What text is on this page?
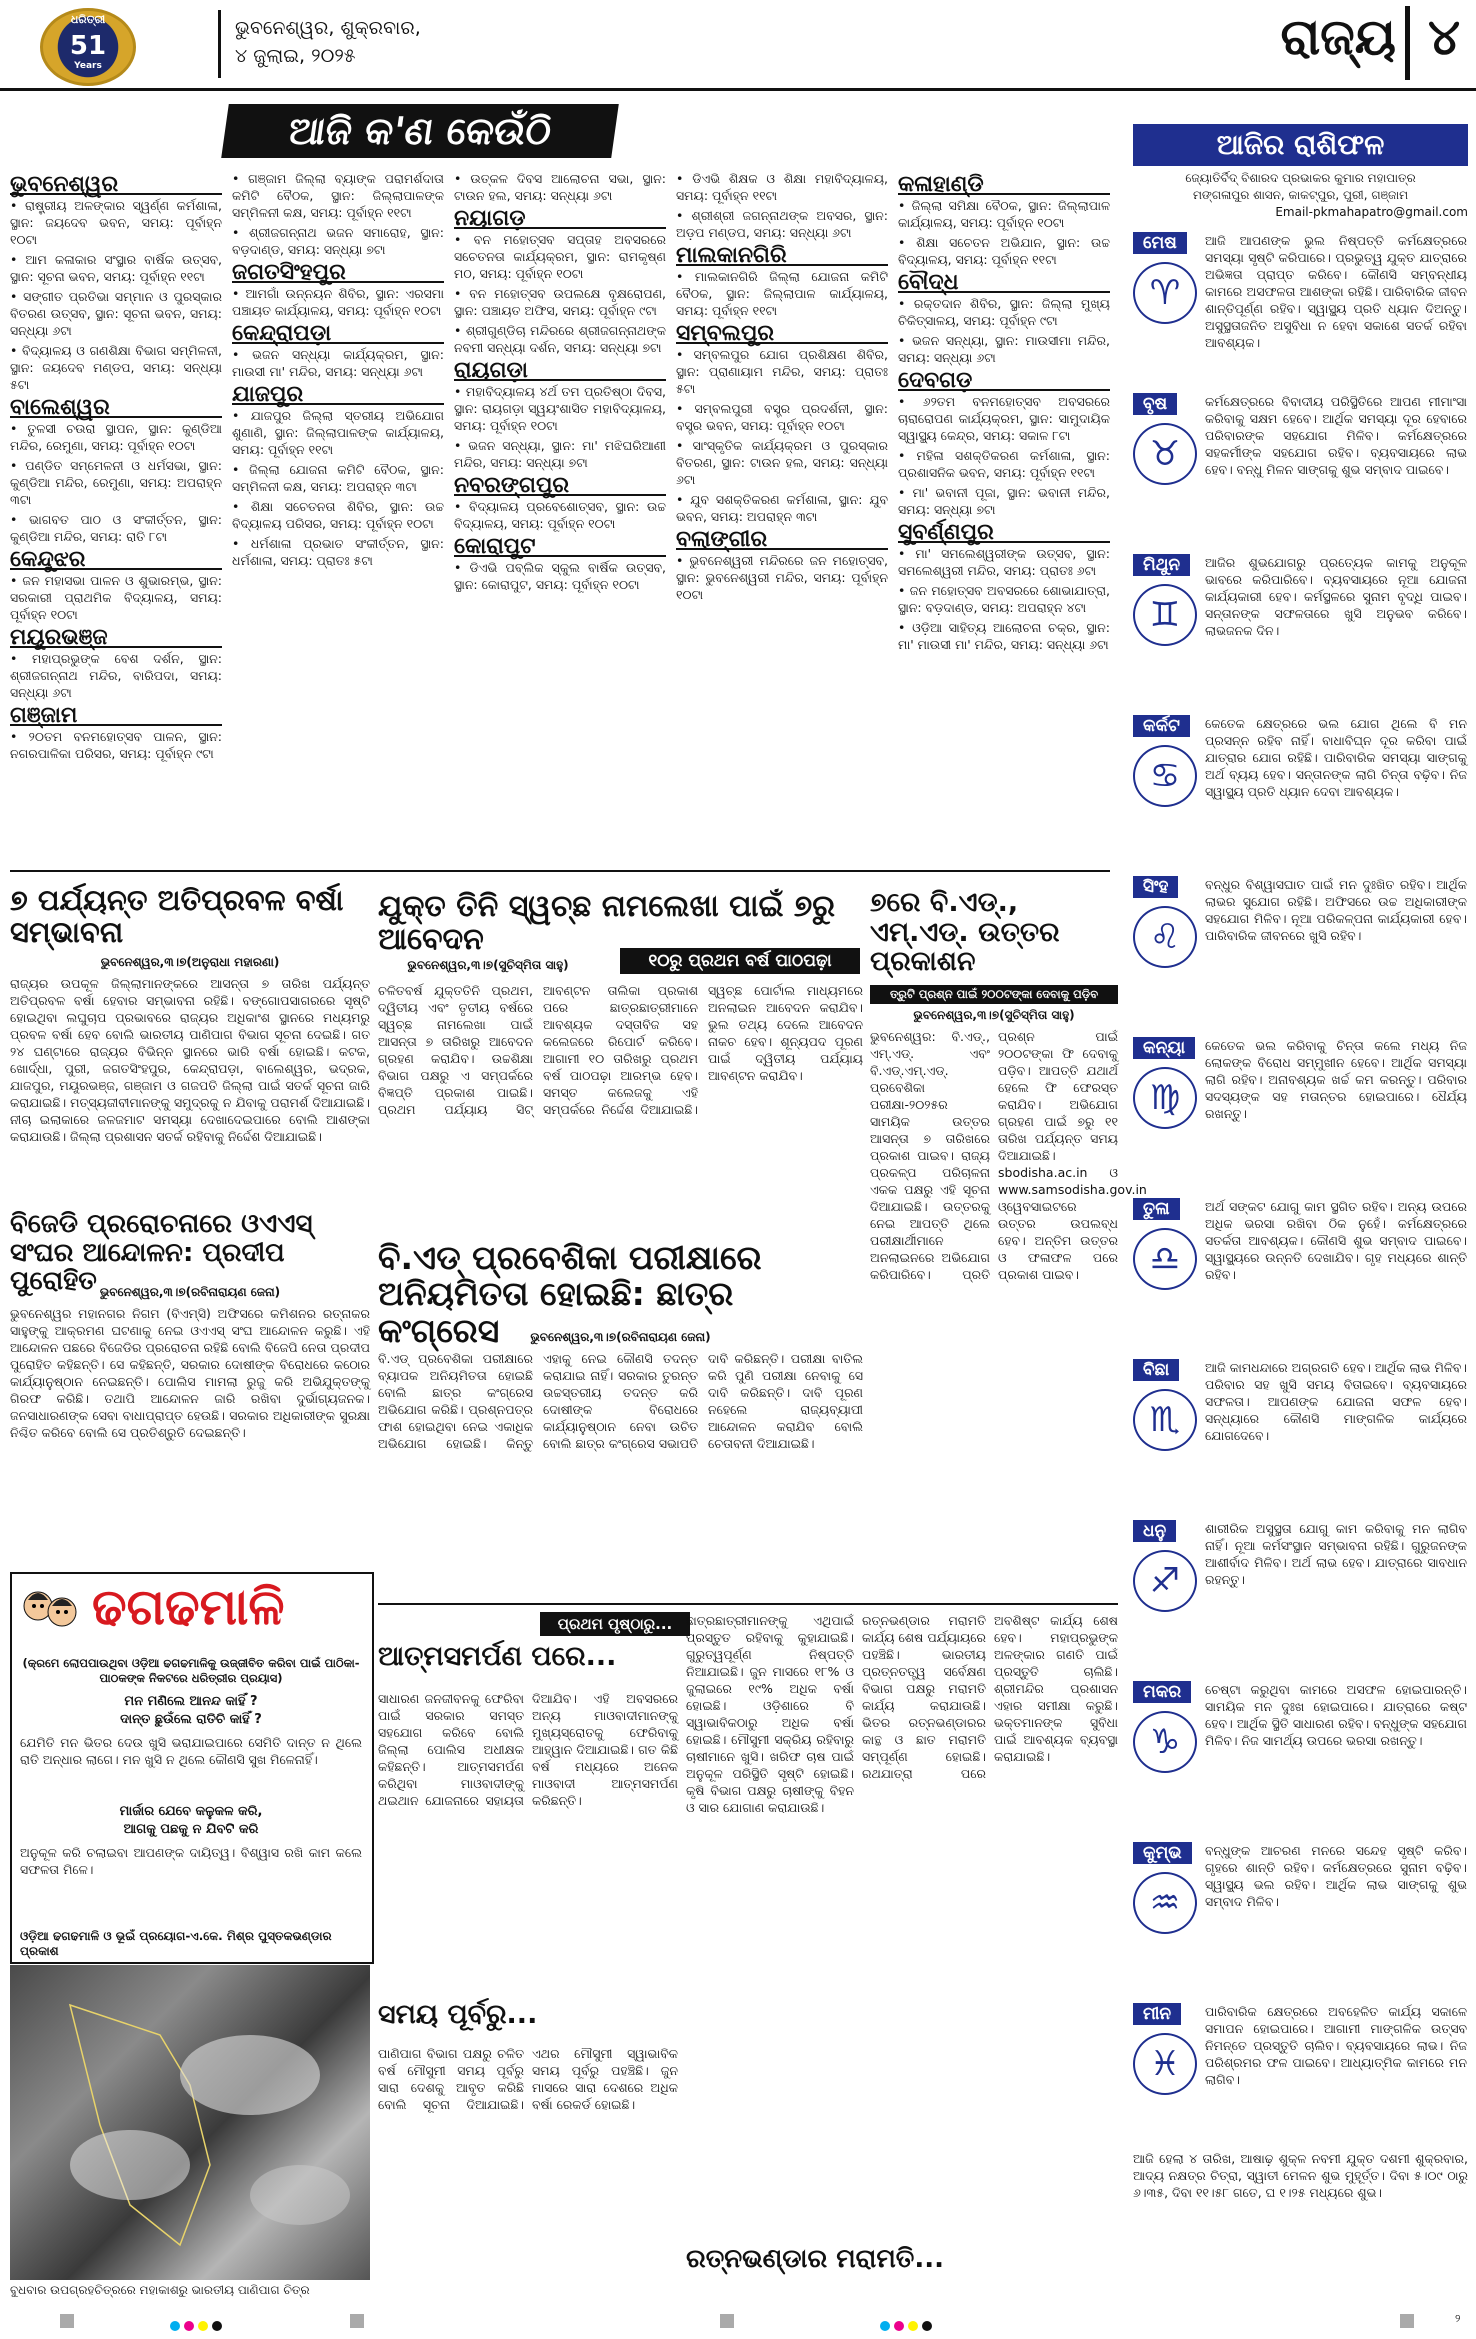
ଧରିତ୍ରୀ
51
Years
ଭୁବନେଶ୍ୱର, ଶୁକ୍ରବାର,
୪ ଜୁଲାଇ, ୨୦୨୫	ରାଜ୍ୟ ୪
ଆଜି କ'ଣ କେଉଁଠି
ଭୁବନେଶ୍ୱର

• ରାଷ୍ଟ୍ରୀୟ ଅଳଙ୍କାର ସ୍ୱର୍ଣ୍ଣ କର୍ମଶାଳା, ସ୍ଥାନ: ଜୟଦେବ ଭବନ, ସମୟ: ପୂର୍ବାହ୍ନ ୧୦ଟା

• ଆମ କଳାକାର ସଂସ୍ଥାର ବାର୍ଷିକ ଉତ୍ସବ, ସ୍ଥାନ: ସୂଚନା ଭବନ, ସମୟ: ପୂର୍ବାହ୍ନ ୧୧ଟା

• ସଙ୍ଗୀତ ପ୍ରତିଭା ସମ୍ମାନ ଓ ପୁରସ୍କାର ବିତରଣ ଉତ୍ସବ, ସ୍ଥାନ: ସୂଚନା ଭବନ, ସମୟ: ସନ୍ଧ୍ୟା ୬ଟା

• ବିଦ୍ୟାଳୟ ଓ ଗଣଶିକ୍ଷା ବିଭାଗ ସମ୍ମିଳନୀ, ସ୍ଥାନ: ଜୟଦେବ ମଣ୍ଡପ, ସମୟ: ସନ୍ଧ୍ୟା ୫ଟା

ବାଲେଶ୍ୱର

• ତୁଳସୀ ଚଉରା ସ୍ଥାପନ, ସ୍ଥାନ: କୁଣ୍ଡିଆ ମନ୍ଦିର, ରେମୁଣା, ସମୟ: ପୂର୍ବାହ୍ନ ୧୦ଟା

• ପଣ୍ଡିତ ସମ୍ମେଳନୀ ଓ ଧର୍ମସଭା, ସ୍ଥାନ: କୁଣ୍ଡିଆ ମନ୍ଦିର, ରେମୁଣା, ସମୟ: ଅପରାହ୍ନ ୩ଟା

• ଭାଗବତ ପାଠ ଓ ସଂକୀର୍ତ୍ତନ, ସ୍ଥାନ: କୁଣ୍ଡିଆ ମନ୍ଦିର, ସମୟ: ରାତି ୮ଟା

କେନ୍ଦୁଝର

• ଜନ ମହାସଭା ପାଳନ ଓ ଶୁଭାରମ୍ଭ, ସ୍ଥାନ: ସରକାରୀ ପ୍ରାଥମିକ ବିଦ୍ୟାଳୟ, ସମୟ: ପୂର୍ବାହ୍ନ ୧୦ଟା

ମୟୂରଭଞ୍ଜ

• ମହାପ୍ରଭୁଙ୍କ ବେଶ ଦର୍ଶନ, ସ୍ଥାନ: ଶ୍ରୀଜଗନ୍ନାଥ ମନ୍ଦିର, ବାରିପଦା, ସମୟ: ସନ୍ଧ୍ୟା ୬ଟା

ଗଞ୍ଜାମ

• ୨୦ତମ ବନମହୋତ୍ସବ ପାଳନ, ସ୍ଥାନ: ନଗରପାଳିକା ପରିସର, ସମୟ: ପୂର୍ବାହ୍ନ ୯ଟା

• ଗଞ୍ଜାମ ଜିଲ୍ଲା ବ୍ୟାଙ୍କ ପରାମର୍ଶଦାତା କମିଟି ବୈଠକ, ସ୍ଥାନ: ଜିଲ୍ଲାପାଳଙ୍କ ସମ୍ମିଳନୀ କକ୍ଷ, ସମୟ: ପୂର୍ବାହ୍ନ ୧୧ଟା

• ଶ୍ରୀଜଗନ୍ନାଥ ଭଜନ ସମାରୋହ, ସ୍ଥାନ: ବଡ଼ଦାଣ୍ଡ, ସମୟ: ସନ୍ଧ୍ୟା ୭ଟା

ଜଗତସିଂହପୁର

• ଆମଗାଁ ଉନ୍ନୟନ ଶିବିର, ସ୍ଥାନ: ଏରସମା ପଞ୍ଚାୟତ କାର୍ଯ୍ୟାଳୟ, ସମୟ: ପୂର୍ବାହ୍ନ ୧୦ଟା

କେନ୍ଦ୍ରାପଡ଼ା

• ଭଜନ ସନ୍ଧ୍ୟା କାର୍ଯ୍ୟକ୍ରମ, ସ୍ଥାନ: ମାଉସୀ ମା' ମନ୍ଦିର, ସମୟ: ସନ୍ଧ୍ୟା ୬ଟା

ଯାଜପୁର

• ଯାଜପୁର ଜିଲ୍ଲା ସ୍ତରୀୟ ଅଭିଯୋଗ ଶୁଣାଣି, ସ୍ଥାନ: ଜିଲ୍ଲାପାଳଙ୍କ କାର୍ଯ୍ୟାଳୟ, ସମୟ: ପୂର୍ବାହ୍ନ ୧୧ଟା

• ଜିଲ୍ଲା ଯୋଜନା କମିଟି ବୈଠକ, ସ୍ଥାନ: ସମ୍ମିଳନୀ କକ୍ଷ, ସମୟ: ଅପରାହ୍ନ ୩ଟା

• ଶିକ୍ଷା ସଚେତନତା ଶିବିର, ସ୍ଥାନ: ଉଚ୍ଚ ବିଦ୍ୟାଳୟ ପରିସର, ସମୟ: ପୂର୍ବାହ୍ନ ୧୦ଟା

• ଧର୍ମଶାଳା ପ୍ରଭାତ ସଂକୀର୍ତ୍ତନ, ସ୍ଥାନ: ଧର୍ମଶାଳା, ସମୟ: ପ୍ରାତଃ ୫ଟା

• ଉତ୍କଳ ଦିବସ ଆଲୋଚନା ସଭା, ସ୍ଥାନ: ଟାଉନ ହଲ, ସମୟ: ସନ୍ଧ୍ୟା ୬ଟା

ନୟାଗଡ଼

• ବନ ମହୋତ୍ସବ ସପ୍ତାହ ଅବସରରେ ସଚେତନତା କାର୍ଯ୍ୟକ୍ରମ, ସ୍ଥାନ: ରାମକୃଷ୍ଣ ମଠ, ସମୟ: ପୂର୍ବାହ୍ନ ୧୦ଟା

• ବନ ମହୋତ୍ସବ ଉପଲକ୍ଷେ ବୃକ୍ଷରୋପଣ, ସ୍ଥାନ: ପଞ୍ଚାୟତ ଅଫିସ, ସମୟ: ପୂର୍ବାହ୍ନ ୯ଟା

• ଶ୍ରୀଗୁଣ୍ଡିଚା ମନ୍ଦିରରେ ଶ୍ରୀଜଗନ୍ନାଥଙ୍କ ନବମୀ ସନ୍ଧ୍ୟା ଦର୍ଶନ, ସମୟ: ସନ୍ଧ୍ୟା ୭ଟା

ରାୟଗଡ଼ା

• ମହାବିଦ୍ୟାଳୟ ୪ର୍ଥ ତମ ପ୍ରତିଷ୍ଠା ଦିବସ, ସ୍ଥାନ: ରାୟଗଡ଼ା ସ୍ୱୟଂଶାସିତ ମହାବିଦ୍ୟାଳୟ, ସମୟ: ପୂର୍ବାହ୍ନ ୧୦ଟା

• ଭଜନ ସନ୍ଧ୍ୟା, ସ୍ଥାନ: ମା' ମଝିଘରିଆଣୀ ମନ୍ଦିର, ସମୟ: ସନ୍ଧ୍ୟା ୭ଟା

ନବରଙ୍ଗପୁର

• ବିଦ୍ୟାଳୟ ପ୍ରବେଶୋତ୍ସବ, ସ୍ଥାନ: ଉଚ୍ଚ ବିଦ୍ୟାଳୟ, ସମୟ: ପୂର୍ବାହ୍ନ ୧୦ଟା

କୋରାପୁଟ

• ଡିଏଭି ପବ୍ଲିକ ସ୍କୁଲ ବାର୍ଷିକ ଉତ୍ସବ, ସ୍ଥାନ: କୋରାପୁଟ, ସମୟ: ପୂର୍ବାହ୍ନ ୧୦ଟା

• ଡିଏଭି ଶିକ୍ଷକ ଓ ଶିକ୍ଷା ମହାବିଦ୍ୟାଳୟ, ସମୟ: ପୂର୍ବାହ୍ନ ୧୧ଟା

• ଶ୍ରୀଶ୍ରୀ ଜଗନ୍ନାଥଙ୍କ ଅବସର, ସ୍ଥାନ: ଅଡ଼ପ ମଣ୍ଡପ, ସମୟ: ସନ୍ଧ୍ୟା ୬ଟା

ମାଲକାନଗିରି

• ମାଲକାନଗିରି ଜିଲ୍ଲା ଯୋଜନା କମିଟି ବୈଠକ, ସ୍ଥାନ: ଜିଲ୍ଲାପାଳ କାର୍ଯ୍ୟାଳୟ, ସମୟ: ପୂର୍ବାହ୍ନ ୧୧ଟା

ସମ୍ବଲପୁର

• ସମ୍ବଲପୁର ଯୋଗ ପ୍ରଶିକ୍ଷଣ ଶିବିର, ସ୍ଥାନ: ପ୍ରାଣାୟାମ ମନ୍ଦିର, ସମୟ: ପ୍ରାତଃ ୫ଟା

• ସମ୍ବଲପୁରୀ ବସ୍ତ୍ର ପ୍ରଦର୍ଶନୀ, ସ୍ଥାନ: ବସ୍ତ୍ର ଭବନ, ସମୟ: ପୂର୍ବାହ୍ନ ୧୦ଟା

• ସାଂସ୍କୃତିକ କାର୍ଯ୍ୟକ୍ରମ ଓ ପୁରସ୍କାର ବିତରଣ, ସ୍ଥାନ: ଟାଉନ ହଲ, ସମୟ: ସନ୍ଧ୍ୟା ୬ଟା

• ଯୁବ ସଶକ୍ତିକରଣ କର୍ମଶାଳା, ସ୍ଥାନ: ଯୁବ ଭବନ, ସମୟ: ଅପରାହ୍ନ ୩ଟା

ବଲାଙ୍ଗୀର

• ଭୁବନେଶ୍ୱରୀ ମନ୍ଦିରରେ ଜନ ମହୋତ୍ସବ, ସ୍ଥାନ: ଭୁବନେଶ୍ୱରୀ ମନ୍ଦିର, ସମୟ: ପୂର୍ବାହ୍ନ ୧୦ଟା

କଳାହାଣ୍ଡି

• ଜିଲ୍ଲା ସମିକ୍ଷା ବୈଠକ, ସ୍ଥାନ: ଜିଲ୍ଲାପାଳ କାର୍ଯ୍ୟାଳୟ, ସମୟ: ପୂର୍ବାହ୍ନ ୧୦ଟା

• ଶିକ୍ଷା ସଚେତନ ଅଭିଯାନ, ସ୍ଥାନ: ଉଚ୍ଚ ବିଦ୍ୟାଳୟ, ସମୟ: ପୂର୍ବାହ୍ନ ୧୧ଟା

ବୌଦ୍ଧ

• ରକ୍ତଦାନ ଶିବିର, ସ୍ଥାନ: ଜିଲ୍ଲା ମୁଖ୍ୟ ଚିକିତ୍ସାଳୟ, ସମୟ: ପୂର୍ବାହ୍ନ ୯ଟା

• ଭଜନ ସନ୍ଧ୍ୟା, ସ୍ଥାନ: ମାଉସୀମା ମନ୍ଦିର, ସମୟ: ସନ୍ଧ୍ୟା ୬ଟା

ଦେବଗଡ଼

• ୬୨ତମ ବନମହୋତ୍ସବ ଅବସରରେ ଚାରାରୋପଣ କାର୍ଯ୍ୟକ୍ରମ, ସ୍ଥାନ: ସାମୁଦାୟିକ ସ୍ୱାସ୍ଥ୍ୟ କେନ୍ଦ୍ର, ସମୟ: ସକାଳ ୮ଟା

• ମହିଳା ସଶକ୍ତିକରଣ କର୍ମଶାଳା, ସ୍ଥାନ: ପ୍ରଶାସନିକ ଭବନ, ସମୟ: ପୂର୍ବାହ୍ନ ୧୧ଟା

• ମା' ଭବାନୀ ପୂଜା, ସ୍ଥାନ: ଭବାନୀ ମନ୍ଦିର, ସମୟ: ସନ୍ଧ୍ୟା ୭ଟା

ସୁବର୍ଣ୍ଣପୁର

• ମା' ସମଲେଶ୍ୱରୀଙ୍କ ଉତ୍ସବ, ସ୍ଥାନ: ସମଲେଶ୍ୱରୀ ମନ୍ଦିର, ସମୟ: ପ୍ରାତଃ ୬ଟା

• ଜନ ମହୋତ୍ସବ ଅବସରରେ ଶୋଭାଯାତ୍ରା, ସ୍ଥାନ: ବଡ଼ଦାଣ୍ଡ, ସମୟ: ଅପରାହ୍ନ ୪ଟା

• ଓଡ଼ିଆ ସାହିତ୍ୟ ଆଲୋଚନା ଚକ୍ର, ସ୍ଥାନ: ମା' ମାଉସୀ ମା' ମନ୍ଦିର, ସମୟ: ସନ୍ଧ୍ୟା ୬ଟା

ଆଜିର ରାଶିଫଳ
ଜ୍ୟୋତିର୍ବିଦ୍ ବିଶାରଦ ପ୍ରଭାକର କୁମାର ମହାପାତ୍ର
ମଙ୍ଗଳାପୁର ଶାସନ, କାକଟ୍ପୁର, ପୁରୀ, ଗଞ୍ଜାମ
Email-pkmahapatro@gmail.com
ମେଷ
♈
ଆଜି ଆପଣଙ୍କ ଭୁଲ ନିଷ୍ପତ୍ତି କର୍ମକ୍ଷେତ୍ରରେ ସମସ୍ୟା ସୃଷ୍ଟି କରିପାରେ। ପ୍ରଭୁତ୍ୱ ଯୁକ୍ତ ଯାତ୍ରାରେ ଅଭିଜ୍ଞତା ପ୍ରାପ୍ତ କରିବେ। କୌଣସି ସମ୍ବନ୍ଧୀୟ କାମରେ ଅସଫଳତା ଆଶଙ୍କା ରହିଛି। ପାରିବାରିକ ଜୀବନ ଶାନ୍ତିପୂର୍ଣ୍ଣ ରହିବ। ସ୍ୱାସ୍ଥ୍ୟ ପ୍ରତି ଧ୍ୟାନ ଦିଅନ୍ତୁ। ଅସୁସ୍ଥତାଜନିତ ଅସୁବିଧା ନ ହେବା ସକାଶେ ସତର୍କ ରହିବା ଆବଶ୍ୟକ।
ବୃଷ
♉
କର୍ମକ୍ଷେତ୍ରରେ ବିବାଦୀୟ ପରିସ୍ଥିତିରେ ଆପଣ ମୀମାଂସା କରିବାକୁ ସକ୍ଷମ ହେବେ। ଆର୍ଥିକ ସମସ୍ୟା ଦୂର ହେବାରେ ପରିବାରଙ୍କ ସହଯୋଗ ମିଳିବ। କର୍ମକ୍ଷେତ୍ରରେ ସହକର୍ମୀଙ୍କ ସହଯୋଗ ରହିବ। ବ୍ୟବସାୟରେ ଲାଭ ହେବ। ବନ୍ଧୁ ମିଳନ ସାଙ୍ଗକୁ ଶୁଭ ସମ୍ବାଦ ପାଇବେ।
ମିଥୁନ
♊
ଆଜିର ଶୁଭଯୋଗରୁ ପ୍ରତ୍ୟେକ କାମକୁ ଅନୁକୂଳ ଭାବରେ କରିପାରିବେ। ବ୍ୟବସାୟରେ ନୂଆ ଯୋଜନା କାର୍ଯ୍ୟକାରୀ ହେବ। କର୍ମସ୍ଥଳରେ ସୁନାମ ବୃଦ୍ଧି ପାଇବ। ସନ୍ତାନଙ୍କ ସଫଳତାରେ ଖୁସି ଅନୁଭବ କରିବେ। ଲାଭଜନକ ଦିନ।
କର୍କଟ
♋
କେତେକ କ୍ଷେତ୍ରରେ ଭଲ ଯୋଗ ଥିଲେ ବି ମନ ପ୍ରସନ୍ନ ରହିବ ନାହିଁ। ବାଧାବିଘ୍ନ ଦୂର କରିବା ପାଇଁ ଯାତ୍ରାର ଯୋଗ ରହିଛି। ପାରିବାରିକ ସମସ୍ୟା ସାଙ୍ଗକୁ ଅର୍ଥ ବ୍ୟୟ ହେବ। ସନ୍ତାନଙ୍କ ଲାଗି ଚିନ୍ତା ବଢ଼ିବ। ନିଜ ସ୍ୱାସ୍ଥ୍ୟ ପ୍ରତି ଧ୍ୟାନ ଦେବା ଆବଶ୍ୟକ।
ସିଂହ
♌
ବନ୍ଧୁର ବିଶ୍ୱାସଘାତ ପାଇଁ ମନ ଦୁଃଖିତ ରହିବ। ଆର୍ଥିକ ଲାଭର ସୁଯୋଗ ରହିଛି। ଅଫିସରେ ଉଚ୍ଚ ଅଧିକାରୀଙ୍କ ସହଯୋଗ ମିଳିବ। ନୂଆ ପରିକଳ୍ପନା କାର୍ଯ୍ୟକାରୀ ହେବ। ପାରିବାରିକ ଜୀବନରେ ଖୁସି ରହିବ।
କନ୍ୟା
♍
କେତେକ ଭଲ କରିବାକୁ ଚିନ୍ତା କଲେ ମଧ୍ୟ ନିଜ ଲୋକଙ୍କ ବିରୋଧ ସମ୍ମୁଖୀନ ହେବେ। ଆର୍ଥିକ ସମସ୍ୟା ଲାଗି ରହିବ। ଅନାବଶ୍ୟକ ଖର୍ଚ୍ଚ କମ କରନ୍ତୁ। ପରିବାର ସଦସ୍ୟଙ୍କ ସହ ମତାନ୍ତର ହୋଇପାରେ। ଧୈର୍ଯ୍ୟ ରଖନ୍ତୁ।
ତୁଳା
♎
ଅର୍ଥ ସଙ୍କଟ ଯୋଗୁ କାମ ସ୍ଥଗିତ ରହିବ। ଅନ୍ୟ ଉପରେ ଅଧିକ ଭରସା ରଖିବା ଠିକ ନୁହେଁ। କର୍ମକ୍ଷେତ୍ରରେ ସତର୍କତା ଆବଶ୍ୟକ। କୌଣସି ଶୁଭ ସମ୍ବାଦ ପାଇବେ। ସ୍ୱାସ୍ଥ୍ୟରେ ଉନ୍ନତି ଦେଖାଯିବ। ଗୃହ ମଧ୍ୟରେ ଶାନ୍ତି ରହିବ।
ବିଛା
♏
ଆଜି କାମଧନ୍ଦାରେ ଅଗ୍ରଗତି ହେବ। ଆର୍ଥିକ ଲାଭ ମିଳିବ। ପରିବାର ସହ ଖୁସି ସମୟ ବିତାଇବେ। ବ୍ୟବସାୟରେ ସଫଳତା। ଆପଣଙ୍କ ଯୋଜନା ସଫଳ ହେବ। ସନ୍ଧ୍ୟାରେ କୌଣସି ମାଙ୍ଗଳିକ କାର୍ଯ୍ୟରେ ଯୋଗଦେବେ।
ଧନୁ
♐
ଶାରୀରିକ ଅସୁସ୍ଥତା ଯୋଗୁ କାମ କରିବାକୁ ମନ ଲାଗିବ ନାହିଁ। ନୂଆ କର୍ମସଂସ୍ଥାନ ସମ୍ଭାବନା ରହିଛି। ଗୁରୁଜନଙ୍କ ଆଶୀର୍ବାଦ ମିଳିବ। ଅର୍ଥ ଲାଭ ହେବ। ଯାତ୍ରାରେ ସାବଧାନ ରହନ୍ତୁ।
ମକର
♑
ଚେଷ୍ଟା କରୁଥିବା କାମରେ ଅସଫଳ ହୋଇପାରନ୍ତି। ସାମୟିକ ମନ ଦୁଃଖ ହୋଇପାରେ। ଯାତ୍ରାରେ କଷ୍ଟ ହେବ। ଆର୍ଥିକ ସ୍ଥିତି ସାଧାରଣ ରହିବ। ବନ୍ଧୁଙ୍କ ସହଯୋଗ ମିଳିବ। ନିଜ ସାମର୍ଥ୍ୟ ଉପରେ ଭରସା ରଖନ୍ତୁ।
କୁମ୍ଭ
♒
ବନ୍ଧୁଙ୍କ ଆଚରଣ ମନରେ ସନ୍ଦେହ ସୃଷ୍ଟି କରିବ। ଗୃହରେ ଶାନ୍ତି ରହିବ। କର୍ମକ୍ଷେତ୍ରରେ ସୁନାମ ବଢ଼ିବ। ସ୍ୱାସ୍ଥ୍ୟ ଭଲ ରହିବ। ଆର୍ଥିକ ଲାଭ ସାଙ୍ଗକୁ ଶୁଭ ସମ୍ବାଦ ମିଳିବ।
ମୀନ
♓
ପାରିବାରିକ କ୍ଷେତ୍ରରେ ଅବହେଳିତ କାର୍ଯ୍ୟ ସକାଳେ ସମାପନ ହୋଇପାରେ। ଆଗାମୀ ମାଙ୍ଗଳିକ ଉତ୍ସବ ନିମନ୍ତେ ପ୍ରସ୍ତୁତି ଚାଲିବ। ବ୍ୟବସାୟରେ ଲାଭ। ନିଜ ପରିଶ୍ରମର ଫଳ ପାଇବେ। ଆଧ୍ୟାତ୍ମିକ କାମରେ ମନ ଲାଗିବ।
ଆଜି ହେଲା ୪ ତାରିଖ, ଆଷାଢ଼ ଶୁକ୍ଳ ନବମୀ ଯୁକ୍ତ ଦଶମୀ ଶୁକ୍ରବାର, ଆଦ୍ୟ ନକ୍ଷତ୍ର ଚିତ୍ରା, ସ୍ୱାତୀ ମେଳନ ଶୁଭ ମୁହୂର୍ତ୍ତ। ଦିବା ୫।୦୯ ଠାରୁ ୬।୩୫, ଦିବା ୧୧।୫୮ ଗତେ, ଘ ୧।୨୫ ମଧ୍ୟରେ ଶୁଭ।
୭ ପର୍ଯ୍ୟନ୍ତ ଅତିପ୍ରବଳ ବର୍ଷା ସମ୍ଭାବନା
ଭୁବନେଶ୍ୱର,୩।୭(ଅନୁରାଧା ମହାରଣା)
ରାଜ୍ୟର ଉପକୂଳ ଜିଲ୍ଲାମାନଙ୍କରେ ଆସନ୍ତା ୭ ତାରିଖ ପର୍ଯ୍ୟନ୍ତ ଅତିପ୍ରବଳ ବର୍ଷା ହେବାର ସମ୍ଭାବନା ରହିଛି। ବଙ୍ଗୋପସାଗରରେ ସୃଷ୍ଟି ହୋଇଥିବା ଲଘୁଚାପ ପ୍ରଭାବରେ ରାଜ୍ୟର ଅଧିକାଂଶ ସ୍ଥାନରେ ମଧ୍ୟମରୁ ପ୍ରବଳ ବର୍ଷା ହେବ ବୋଲି ଭାରତୀୟ ପାଣିପାଗ ବିଭାଗ ସୂଚନା ଦେଇଛି। ଗତ ୨୪ ଘଣ୍ଟାରେ ରାଜ୍ୟର ବିଭିନ୍ନ ସ୍ଥାନରେ ଭାରି ବର୍ଷା ହୋଇଛି। କଟକ, ଖୋର୍ଦ୍ଧା, ପୁରୀ, ଜଗତସିଂହପୁର, କେନ୍ଦ୍ରାପଡ଼ା, ବାଲେଶ୍ୱର, ଭଦ୍ରକ, ଯାଜପୁର, ମୟୂରଭଞ୍ଜ, ଗଞ୍ଜାମ ଓ ଗଜପତି ଜିଲ୍ଲା ପାଇଁ ସତର୍କ ସୂଚନା ଜାରି କରାଯାଇଛି। ମତ୍ସ୍ୟଜୀବୀମାନଙ୍କୁ ସମୁଦ୍ରକୁ ନ ଯିବାକୁ ପରାମର୍ଶ ଦିଆଯାଇଛି। ନୀଚା ଇଲାକାରେ ଜଳଜମାଟ ସମସ୍ୟା ଦେଖାଦେଇପାରେ ବୋଲି ଆଶଙ୍କା କରାଯାଉଛି। ଜିଲ୍ଲା ପ୍ରଶାସନ ସତର୍କ ରହିବାକୁ ନିର୍ଦ୍ଦେଶ ଦିଆଯାଇଛି।
ବିଜେଡି ପ୍ରରୋଚନାରେ ଓଏଏସ୍ ସଂଘର ଆନ୍ଦୋଳନ: ପ୍ରଦୀପ ପୁରୋହିତ ଭୁବନେଶ୍ୱର,୩।୭(ରବିନାରାୟଣ ଜେନା)
ଭୁବନେଶ୍ୱର ମହାନଗର ନିଗମ (ବିଏମ୍ସି) ଅଫିସରେ କମିଶନର ରତ୍ନାକର ସାହୁଙ୍କୁ ଆକ୍ରମଣ ଘଟଣାକୁ ନେଇ ଓଏଏସ୍ ସଂଘ ଆନ୍ଦୋଳନ କରୁଛି। ଏହି ଆନ୍ଦୋଳନ ପଛରେ ବିଜେଡିର ପ୍ରରୋଚନା ରହିଛି ବୋଲି ବିଜେପି ନେତା ପ୍ରଦୀପ ପୁରୋହିତ କହିଛନ୍ତି। ସେ କହିଛନ୍ତି, ସରକାର ଦୋଷୀଙ୍କ ବିରୋଧରେ କଠୋର କାର୍ଯ୍ୟାନୁଷ୍ଠାନ ନେଇଛନ୍ତି। ପୋଲିସ ମାମଲା ରୁଜୁ କରି ଅଭିଯୁକ୍ତଙ୍କୁ ଗିରଫ କରିଛି। ତଥାପି ଆନ୍ଦୋଳନ ଜାରି ରଖିବା ଦୁର୍ଭାଗ୍ୟଜନକ। ଜନସାଧାରଣଙ୍କ ସେବା ବାଧାପ୍ରାପ୍ତ ହେଉଛି। ସରକାର ଅଧିକାରୀଙ୍କ ସୁରକ୍ଷା ନିଶ୍ଚିତ କରିବେ ବୋଲି ସେ ପ୍ରତିଶ୍ରୁତି ଦେଇଛନ୍ତି।
ଢଗଢମାଳି
(କ୍ରମେ ଲୋପପାଉଥିବା ଓଡ଼ିଆ ଢଗଢମାଳିକୁ ଉଜ୍ଜୀବିତ କରିବା ପାଇଁ ପାଠିକା-ପାଠକଙ୍କ ନିକଟରେ ଧରିତ୍ରୀର ପ୍ରୟାସ)
ମନ ମଣିଲେ ଆନନ୍ଦ କାହିଁ ?
ଦାନ୍ତ ଛୁଉଁଲେ ରାତିଚି କାହିଁ ?
ଯେମିତି ମନ ଭିତର ଦେଉ ଖୁସି ଭରାଯାଇପାରେ ସେମିତି ଦାନ୍ତ ନ ଥିଲେ ରାତି ଅନ୍ଧାର ଲାଗେ। ମନ ଖୁସି ନ ଥିଲେ କୌଣସି ସୁଖ ମିଳେନାହିଁ।
ମାର୍ଜାର ଯେବେ କଳୁକଳ କରି,
ଆଗକୁ ପଛକୁ ନ ଯିବଟି କରି
ଅନୁକୂଳ କରି ଚଲାଇବା ଆପଣଙ୍କ ଦାୟିତ୍ୱ। ବିଶ୍ୱାସ ରଖି କାମ କଲେ ସଫଳତା ମିଳେ।
ଓଡ଼ିଆ ଢଗଢମାଳି ଓ ଭୂଇଁ ପ୍ରୟୋଗ-ଏ.କେ. ମିଶ୍ର ପୁସ୍ତକଭଣ୍ଡାର ପ୍ରକାଶ
ବୁଧବାର ଉପଗ୍ରହଚିତ୍ରରେ ମହାକାଶରୁ ଭାରତୀୟ ପାଣିପାଗ ଚିତ୍ର
ଯୁକ୍ତ ତିନି ସ୍ୱଚ୍ଛ ନାମଲେଖା ପାଇଁ ୭ରୁ ଆବେଦନ
ଭୁବନେଶ୍ୱର,୩।୭(ସୁଚିସ୍ମିତା ସାହୁ)	୧୦ରୁ ପ୍ରଥମ ବର୍ଷ ପାଠପଢ଼ା
ଚଳିତବର୍ଷ ଯୁକ୍ତତିନି ପ୍ରଥମ, ଦ୍ୱିତୀୟ ଏବଂ ତୃତୀୟ ବର୍ଷରେ ସ୍ୱଚ୍ଛ ନାମଲେଖା ପାଇଁ ଆସନ୍ତା ୭ ତାରିଖରୁ ଆବେଦନ ଗ୍ରହଣ କରାଯିବ। ଉଚ୍ଚଶିକ୍ଷା ବିଭାଗ ପକ୍ଷରୁ ଏ ସମ୍ପର୍କରେ ବିଜ୍ଞପ୍ତି ପ୍ରକାଶ ପାଇଛି। ପ୍ରଥମ ପର୍ଯ୍ୟାୟ ସିଟ୍ ଆବଣ୍ଟନ ତାଲିକା ପ୍ରକାଶ ପରେ ଛାତ୍ରଛାତ୍ରୀମାନେ ଆବଶ୍ୟକ ଦସ୍ତାବିଜ ସହ କଲେଜରେ ରିପୋର୍ଟ କରିବେ। ଆଗାମୀ ୧୦ ତାରିଖରୁ ପ୍ରଥମ ବର୍ଷ ପାଠପଢ଼ା ଆରମ୍ଭ ହେବ। ସମସ୍ତ କଲେଜକୁ ଏହି ସମ୍ପର୍କରେ ନିର୍ଦ୍ଦେଶ ଦିଆଯାଇଛି। ସ୍ୱଚ୍ଛ ପୋର୍ଟାଲ ମାଧ୍ୟମରେ ଅନଲାଇନ ଆବେଦନ କରାଯିବ। ଭୁଲ ତଥ୍ୟ ଦେଲେ ଆବେଦନ ନାକଚ ହେବ। ଶୂନ୍ୟପଦ ପୂରଣ ପାଇଁ ଦ୍ୱିତୀୟ ପର୍ଯ୍ୟାୟ ଆବଣ୍ଟନ କରାଯିବ।
୭ରେ ବି.ଏଡ୍., ଏମ୍.ଏଡ୍. ଉତ୍ତର ପ୍ରକାଶନ
ତ୍ରୁଟି ପ୍ରଶ୍ନ ପାଇଁ ୨୦୦ଟଙ୍କା ଦେବାକୁ ପଡ଼ିବ
ଭୁବନେଶ୍ୱର,୩।୭(ସୁଚିସ୍ମିତା ସାହୁ)
ଭୁବନେଶ୍ୱର: ବି.ଏଡ୍., ଏମ୍.ଏଡ୍. ଏବଂ ବି.ଏଡ୍.ଏମ୍.ଏଡ୍. ପ୍ରବେଶିକା ପରୀକ୍ଷା-୨୦୨୫ର ସାମୟିକ ଉତ୍ତର ଆସନ୍ତା ୭ ତାରିଖରେ ପ୍ରକାଶ ପାଇବ। ରାଜ୍ୟ ପ୍ରକଳ୍ପ ପରିଚାଳନା ଏକକ ପକ୍ଷରୁ ଏହି ସୂଚନା ଦିଆଯାଇଛି। ଉତ୍ତରକୁ ନେଇ ଆପତ୍ତି ଥିଲେ ପରୀକ୍ଷାର୍ଥୀମାନେ ଅନଲାଇନରେ ଅଭିଯୋଗ କରିପାରିବେ। ପ୍ରତି ପ୍ରଶ୍ନ ପାଇଁ ୨୦୦ଟଙ୍କା ଫି ଦେବାକୁ ପଡ଼ିବ। ଆପତ୍ତି ଯଥାର୍ଥ ହେଲେ ଫି ଫେରସ୍ତ କରାଯିବ। ଅଭିଯୋଗ ଗ୍ରହଣ ପାଇଁ ୭ରୁ ୧୧ ତାରିଖ ପର୍ଯ୍ୟନ୍ତ ସମୟ ଦିଆଯାଇଛି। sbodisha.ac.in ଓ www.samsodisha.gov.in ଓ୍ୱେବସାଇଟରେ ଉତ୍ତର ଉପଲବ୍ଧ ହେବ। ଅନ୍ତିମ ଉତ୍ତର ଓ ଫଳାଫଳ ପରେ ପ୍ରକାଶ ପାଇବ।
ବି.ଏଡ୍ ପ୍ରବେଶିକା ପରୀକ୍ଷାରେ ଅନିୟମିତତା ହୋଇଛି: ଛାତ୍ର କଂଗ୍ରେସ	ଭୁବନେଶ୍ୱର,୩।୭(ରବିନାରାୟଣ ଜେନା)
ବି.ଏଡ୍ ପ୍ରବେଶିକା ପରୀକ୍ଷାରେ ବ୍ୟାପକ ଅନିୟମିତତା ହୋଇଛି ବୋଲି ଛାତ୍ର କଂଗ୍ରେସ ଅଭିଯୋଗ କରିଛି। ପ୍ରଶ୍ନପତ୍ର ଫାଶ ହୋଇଥିବା ନେଇ ଏକାଧିକ ଅଭିଯୋଗ ହୋଇଛି। କିନ୍ତୁ ଏହାକୁ ନେଇ କୌଣସି ତଦନ୍ତ କରାଯାଇ ନାହିଁ। ସରକାର ତୁରନ୍ତ ଉଚ୍ଚସ୍ତରୀୟ ତଦନ୍ତ କରି ଦୋଷୀଙ୍କ ବିରୋଧରେ କାର୍ଯ୍ୟାନୁଷ୍ଠାନ ନେବା ଉଚିତ ବୋଲି ଛାତ୍ର କଂଗ୍ରେସ ସଭାପତି ଦାବି କରିଛନ୍ତି। ପରୀକ୍ଷା ବାତିଲ କରି ପୁଣି ପରୀକ୍ଷା ନେବାକୁ ସେ ଦାବି କରିଛନ୍ତି। ଦାବି ପୂରଣ ନହେଲେ ରାଜ୍ୟବ୍ୟାପୀ ଆନ୍ଦୋଳନ କରାଯିବ ବୋଲି ଚେତାବନୀ ଦିଆଯାଇଛି।
ପ୍ରଥମ ପୃଷ୍ଠାରୁ...
ଆତ୍ମସମର୍ପଣ ପରେ...
ସାଧାରଣ ଜନଜୀବନକୁ ଫେରିବା ପାଇଁ ସରକାର ସମସ୍ତ ସହଯୋଗ କରିବେ ବୋଲି ଜିଲ୍ଲା ପୋଲିସ ଅଧୀକ୍ଷକ କହିଛନ୍ତି। ଆତ୍ମସମର୍ପଣ କରିଥିବା ମାଓବାଦୀଙ୍କୁ ଥଇଥାନ ଯୋଜନାରେ ସହାୟତା ଦିଆଯିବ। ଏହି ଅବସରରେ ଅନ୍ୟ ମାଓବାଦୀମାନଙ୍କୁ ମୁଖ୍ୟସ୍ରୋତକୁ ଫେରିବାକୁ ଆହ୍ୱାନ ଦିଆଯାଇଛି। ଗତ କିଛି ବର୍ଷ ମଧ୍ୟରେ ଅନେକ ମାଓବାଦୀ ଆତ୍ମସମର୍ପଣ କରିଛନ୍ତି।
ସମୟ ପୂର୍ବରୁ...
ପାଣିପାଗ ବିଭାଗ ପକ୍ଷରୁ ଚଳିତ ବର୍ଷ ମୌସୁମୀ ସମୟ ପୂର୍ବରୁ ସାରା ଦେଶକୁ ଆବୃତ କରିଛି ବୋଲି ସୂଚନା ଦିଆଯାଇଛି। ଏଥର ମୌସୁମୀ ସ୍ୱାଭାବିକ ସମୟ ପୂର୍ବରୁ ପହଞ୍ଚିଛି। ଜୁନ ମାସରେ ସାରା ଦେଶରେ ଅଧିକ ବର୍ଷା ରେକର୍ଡ ହୋଇଛି।
ଛାତ୍ରଛାତ୍ରୀମାନଙ୍କୁ ଏଥିପାଇଁ ପ୍ରସ୍ତୁତ ରହିବାକୁ କୁହାଯାଇଛି। ଗୁରୁତ୍ୱପୂର୍ଣ୍ଣ ନିଷ୍ପତ୍ତି ନିଆଯାଇଛି। ଜୁନ ମାସରେ ୧୮% ଓ ଜୁଲାଇରେ ୧୯% ଅଧିକ ବର୍ଷା ହୋଇଛି। ଓଡ଼ିଶାରେ ବି ସ୍ୱାଭାବିକଠାରୁ ଅଧିକ ବର୍ଷା ହୋଇଛି। ମୌସୁମୀ ସକ୍ରିୟ ରହିବାରୁ ଚାଷୀମାନେ ଖୁସି। ଖରିଫ ଚାଷ ପାଇଁ ଅନୁକୂଳ ପରିସ୍ଥିତି ସୃଷ୍ଟି ହୋଇଛି। କୃଷି ବିଭାଗ ପକ୍ଷରୁ ଚାଷୀଙ୍କୁ ବିହନ ଓ ସାର ଯୋଗାଣ କରାଯାଉଛି।
ରତ୍ନଭଣ୍ଡାର ମରାମତି କାର୍ଯ୍ୟ ଶେଷ ପର୍ଯ୍ୟାୟରେ ପହଞ୍ଚିଛି। ଭାରତୀୟ ପ୍ରତ୍ନତତ୍ତ୍ୱ ସର୍ବେକ୍ଷଣ ବିଭାଗ ପକ୍ଷରୁ ମରାମତି କାର୍ଯ୍ୟ କରାଯାଉଛି। ଭିତର ରତ୍ନଭଣ୍ଡାରର କାନ୍ଥ ଓ ଛାତ ମରାମତି ସମ୍ପୂର୍ଣ୍ଣ ହୋଇଛି। ରଥଯାତ୍ରା ପରେ ଅବଶିଷ୍ଟ କାର୍ଯ୍ୟ ଶେଷ ହେବ। ମହାପ୍ରଭୁଙ୍କ ଅଳଙ୍କାର ଗଣତି ପାଇଁ ପ୍ରସ୍ତୁତି ଚାଲିଛି। ଶ୍ରୀମନ୍ଦିର ପ୍ରଶାସନ ଏହାର ସମୀକ୍ଷା କରୁଛି। ଭକ୍ତମାନଙ୍କ ସୁବିଧା ପାଇଁ ଆବଶ୍ୟକ ବ୍ୟବସ୍ଥା କରାଯାଇଛି।
ରତ୍ନଭଣ୍ଡାର ମରାମତି...
୨
